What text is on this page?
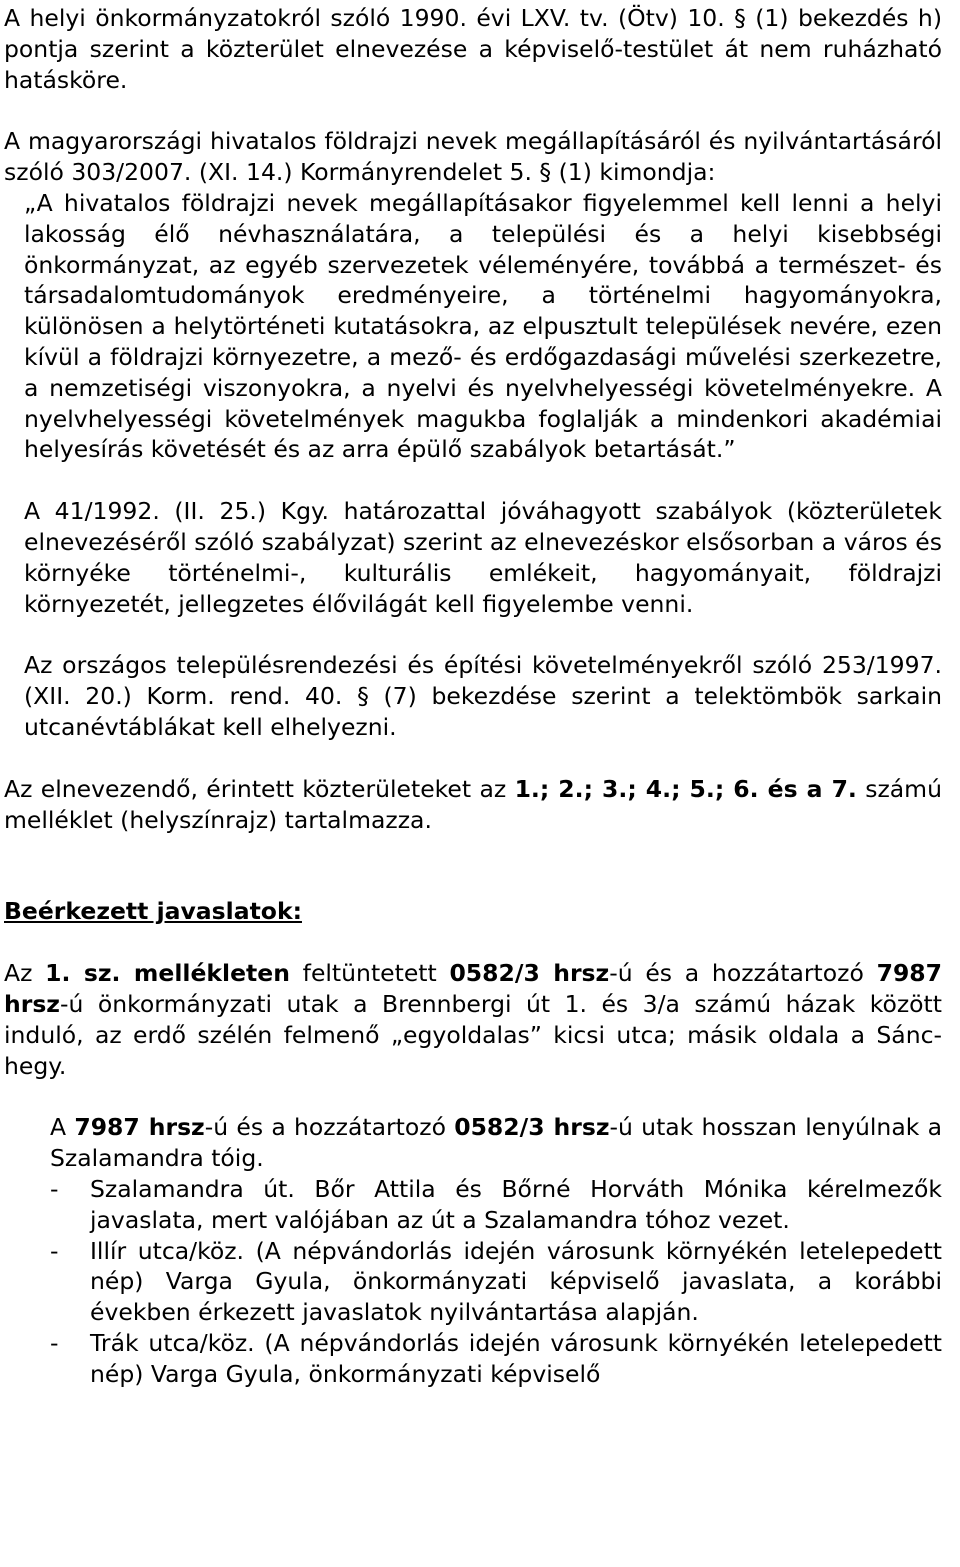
A helyi önkormányzatokról szóló 1990. évi LXV. tv. (Ötv) 10. § (1) bekezdés h) pontja szerint a közterület elnevezése a képviselő-testület át nem ruházható hatásköre.

A magyarországi hivatalos földrajzi nevek megállapításáról és nyilvántartásáról szóló 303/2007. (XI. 14.) Kormányrendelet 5. § (1) kimondja:

„A hivatalos földrajzi nevek megállapításakor figyelemmel kell lenni a helyi lakosság élő névhasználatára, a települési és a helyi kisebbségi önkormányzat, az egyéb szervezetek véleményére, továbbá a természet- és társadalomtudományok eredményeire, a történelmi hagyományokra, különösen a helytörténeti kutatásokra, az elpusztult települések nevére, ezen kívül a földrajzi környezetre, a mező- és erdőgazdasági művelési szerkezetre, a nemzetiségi viszonyokra, a nyelvi és nyelvhelyességi követelményekre. A nyelvhelyességi követelmények magukba foglalják a mindenkori akadémiai helyesírás követését és az arra épülő szabályok betartását.”

A 41/1992. (II. 25.) Kgy. határozattal jóváhagyott szabályok (közterületek elnevezéséről szóló szabályzat) szerint az elnevezéskor elsősorban a város és környéke történelmi-, kulturális emlékeit, hagyományait, földrajzi környezetét, jellegzetes élővilágát kell figyelembe venni.

Az országos településrendezési és építési követelményekről szóló 253/1997. (XII. 20.) Korm. rend. 40. § (7) bekezdése szerint a telektömbök sarkain utcanévtáblákat kell elhelyezni.

Az elnevezendő, érintett közterületeket az 1.; 2.; 3.; 4.; 5.; 6. és a 7. számú melléklet (helyszínrajz) tartalmazza.

Beérkezett javaslatok:

Az 1. sz. mellékleten feltüntetett 0582/3 hrsz-ú és a hozzátartozó 7987 hrsz-ú önkormányzati utak a Brennbergi út 1. és 3/a számú házak között induló, az erdő szélén felmenő „egyoldalas” kicsi utca; másik oldala a Sánc-hegy.

A 7987 hrsz-ú és a hozzátartozó 0582/3 hrsz-ú utak hosszan lenyúlnak a Szalamandra tóig.

- Szalamandra út. Bőr Attila és Bőrné Horváth Mónika kérelmezők javaslata, mert valójában az út a Szalamandra tóhoz vezet.
- Illír utca/köz. (A népvándorlás idején városunk környékén letelepedett nép) Varga Gyula, önkormányzati képviselő javaslata, a korábbi években érkezett javaslatok nyilvántartása alapján.
- Trák utca/köz. (A népvándorlás idején városunk környékén letelepedett nép) Varga Gyula, önkormányzati képviselő
